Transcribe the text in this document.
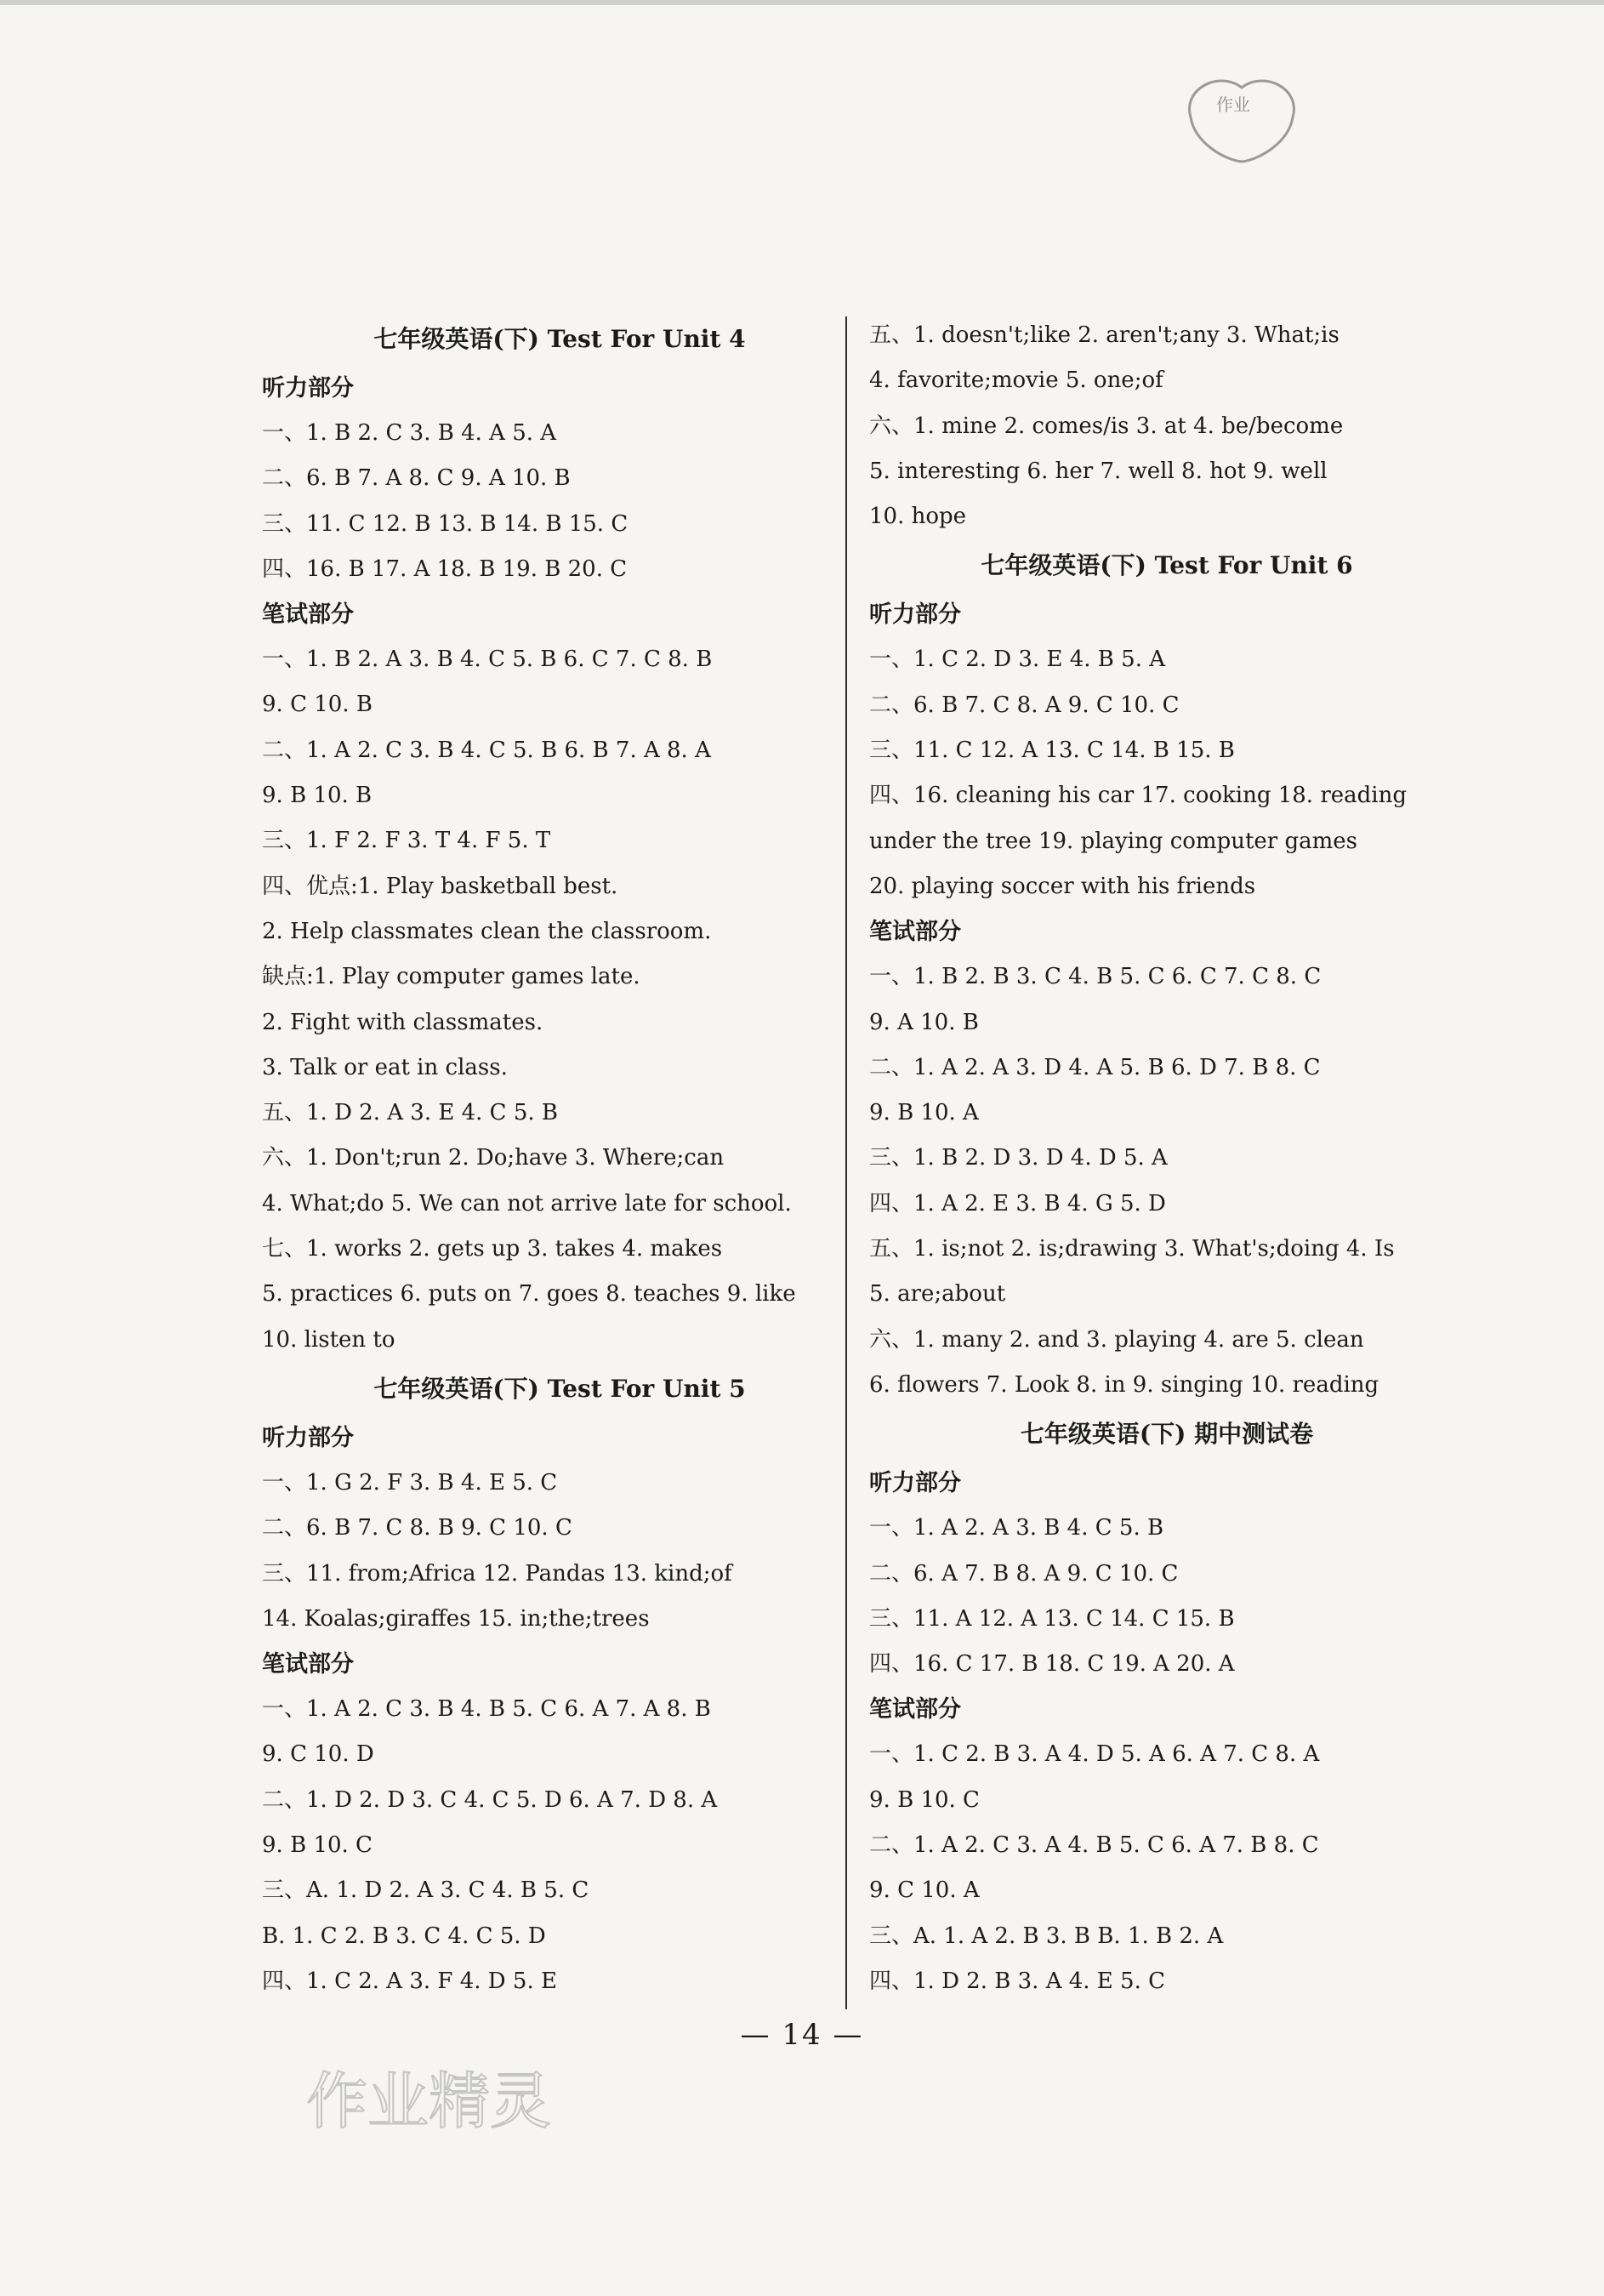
作业
七年级英语(下) Test For Unit 4
听力部分
一、1. B 2. C 3. B 4. A 5. A
二、6. B 7. A 8. C 9. A 10. B
三、11. C 12. B 13. B 14. B 15. C
四、16. B 17. A 18. B 19. B 20. C
笔试部分
一、1. B 2. A 3. B 4. C 5. B 6. C 7. C 8. B
9. C 10. B
二、1. A 2. C 3. B 4. C 5. B 6. B 7. A 8. A
9. B 10. B
三、1. F 2. F 3. T 4. F 5. T
四、优点:1. Play basketball best.
2. Help classmates clean the classroom.
缺点:1. Play computer games late.
2. Fight with classmates.
3. Talk or eat in class.
五、1. D 2. A 3. E 4. C 5. B
六、1. Don't;run 2. Do;have 3. Where;can
4. What;do 5. We can not arrive late for school.
七、1. works 2. gets up 3. takes 4. makes
5. practices 6. puts on 7. goes 8. teaches 9. like
10. listen to
七年级英语(下) Test For Unit 5
听力部分
一、1. G 2. F 3. B 4. E 5. C
二、6. B 7. C 8. B 9. C 10. C
三、11. from;Africa 12. Pandas 13. kind;of
14. Koalas;giraffes 15. in;the;trees
笔试部分
一、1. A 2. C 3. B 4. B 5. C 6. A 7. A 8. B
9. C 10. D
二、1. D 2. D 3. C 4. C 5. D 6. A 7. D 8. A
9. B 10. C
三、A. 1. D 2. A 3. C 4. B 5. C
B. 1. C 2. B 3. C 4. C 5. D
四、1. C 2. A 3. F 4. D 5. E
五、1. doesn't;like 2. aren't;any 3. What;is
4. favorite;movie 5. one;of
六、1. mine 2. comes/is 3. at 4. be/become
5. interesting 6. her 7. well 8. hot 9. well
10. hope
七年级英语(下) Test For Unit 6
听力部分
一、1. C 2. D 3. E 4. B 5. A
二、6. B 7. C 8. A 9. C 10. C
三、11. C 12. A 13. C 14. B 15. B
四、16. cleaning his car 17. cooking 18. reading
under the tree 19. playing computer games
20. playing soccer with his friends
笔试部分
一、1. B 2. B 3. C 4. B 5. C 6. C 7. C 8. C
9. A 10. B
二、1. A 2. A 3. D 4. A 5. B 6. D 7. B 8. C
9. B 10. A
三、1. B 2. D 3. D 4. D 5. A
四、1. A 2. E 3. B 4. G 5. D
五、1. is;not 2. is;drawing 3. What's;doing 4. Is
5. are;about
六、1. many 2. and 3. playing 4. are 5. clean
6. flowers 7. Look 8. in 9. singing 10. reading
七年级英语(下) 期中测试卷
听力部分
一、1. A 2. A 3. B 4. C 5. B
二、6. A 7. B 8. A 9. C 10. C
三、11. A 12. A 13. C 14. C 15. B
四、16. C 17. B 18. C 19. A 20. A
笔试部分
一、1. C 2. B 3. A 4. D 5. A 6. A 7. C 8. A
9. B 10. C
二、1. A 2. C 3. A 4. B 5. C 6. A 7. B 8. C
9. C 10. A
三、A. 1. A 2. B 3. B B. 1. B 2. A
四、1. D 2. B 3. A 4. E 5. C
— 14 —
作业精灵
